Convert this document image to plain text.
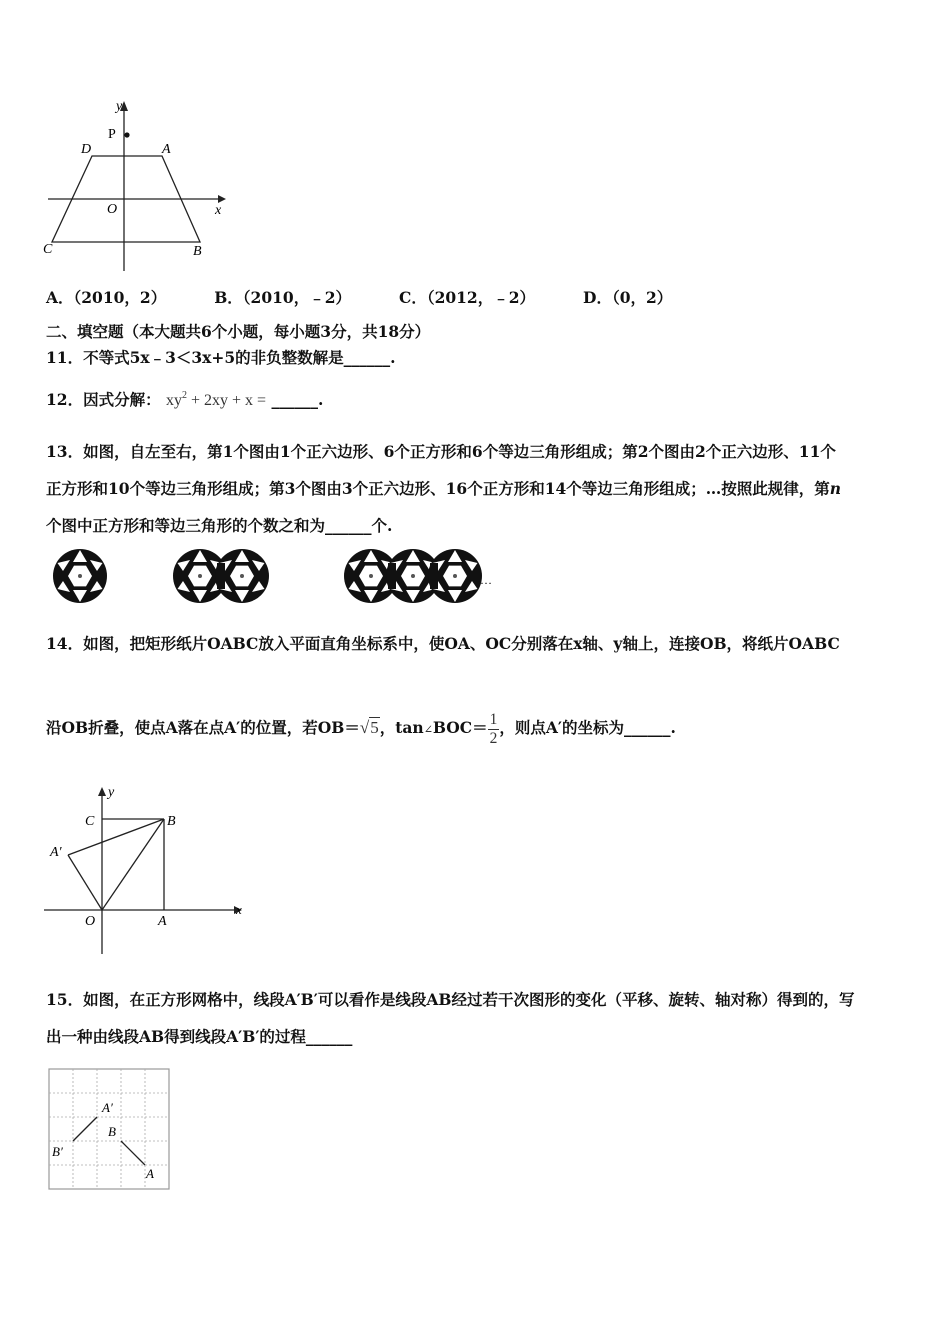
y
P
D	A
O	x
C	B
A．（2010，2）	B．（2010，﹣2）	C．（2012，﹣2）	D．（0，2）
二、填空题（本大题共6个小题，每小题3分，共18分）
11．不等式5x﹣3＜3x+5的非负整数解是______.
12．因式分解： $xy^2 + 2xy + x$ = ______.
13．如图，自左至右，第1个图由1个正六边形、6个正方形和6个等边三角形组成；第2个图由2个正六边形、11个
正方形和10个等边三角形组成；第3个图由3个正六边形、16个正方形和14个等边三角形组成；…按照此规律，第n
个图中正方形和等边三角形的个数之和为______个.
…
14．如图，把矩形纸片OABC放入平面直角坐标系中，使OA、OC分别落在x轴、y轴上，连接OB，将纸片OABC
沿OB折叠，使点A落在点A′的位置，若OB＝√5，tan∠BOC＝ $\frac{1}{2}$ ，则点A′的坐标为______.
y
C	B
A′
O	A
x
15．如图，在正方形网格中，线段A′B′可以看作是线段AB经过若干次图形的变化（平移、旋转、轴对称）得到的，写
出一种由线段AB得到线段A′B′的过程______
A′
B
B′
A
